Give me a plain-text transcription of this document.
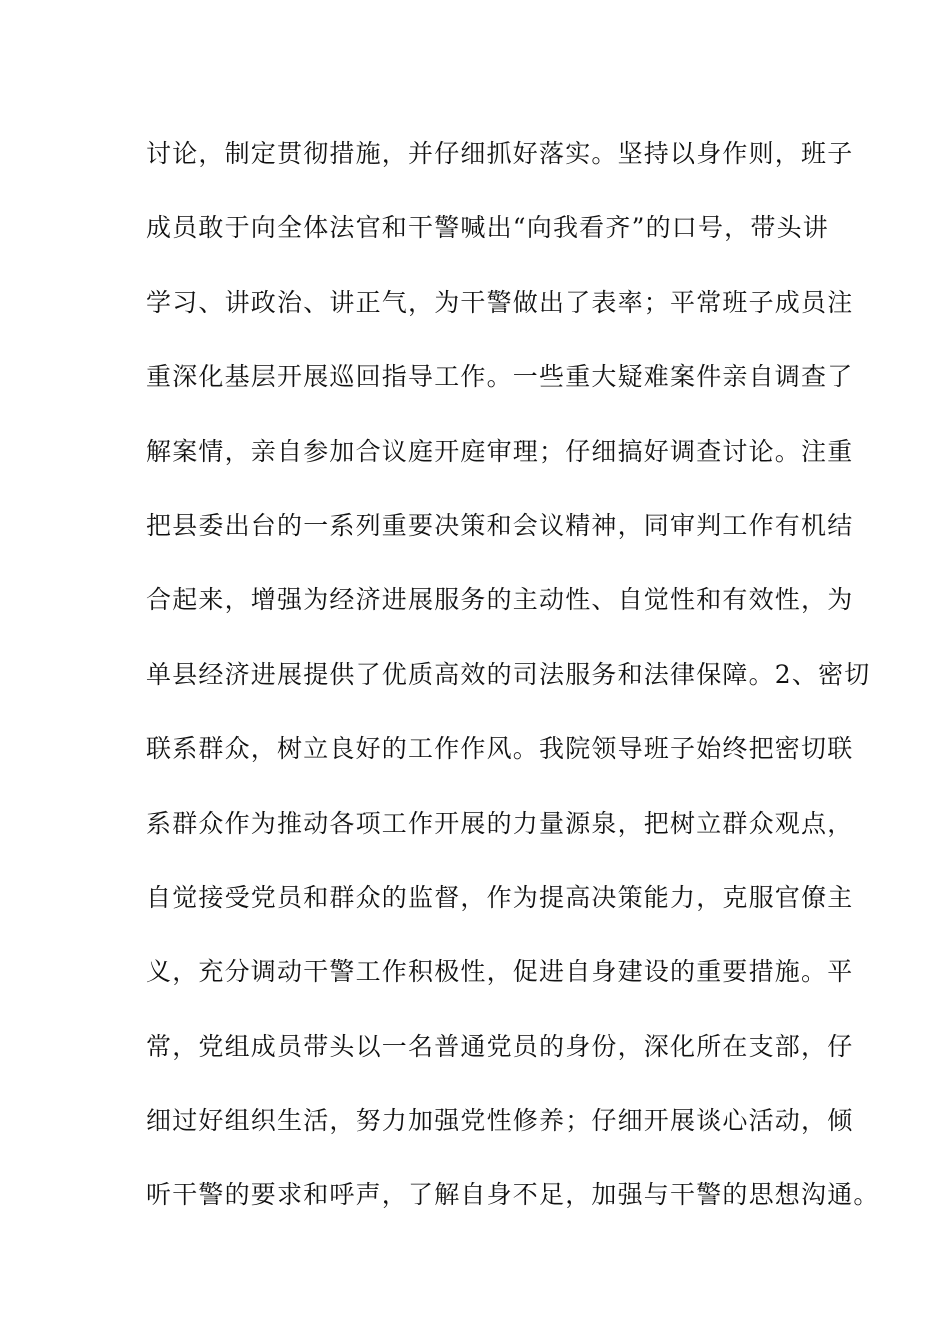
讨论，制定贯彻措施，并仔细抓好落实。坚持以身作则，班子
成员敢于向全体法官和干警喊出“向我看齐”的口号，带头讲
学习、讲政治、讲正气，为干警做出了表率；平常班子成员注
重深化基层开展巡回指导工作。一些重大疑难案件亲自调查了
解案情，亲自参加合议庭开庭审理；仔细搞好调查讨论。注重
把县委出台的一系列重要决策和会议精神，同审判工作有机结
合起来，增强为经济进展服务的主动性、自觉性和有效性，为
单县经济进展提供了优质高效的司法服务和法律保障。2、密切
联系群众，树立良好的工作作风。我院领导班子始终把密切联
系群众作为推动各项工作开展的力量源泉，把树立群众观点，
自觉接受党员和群众的监督，作为提高决策能力，克服官僚主
义，充分调动干警工作积极性，促进自身建设的重要措施。平
常，党组成员带头以一名普通党员的身份，深化所在支部，仔
细过好组织生活，努力加强党性修养；仔细开展谈心活动，倾
听干警的要求和呼声，了解自身不足，加强与干警的思想沟通。
